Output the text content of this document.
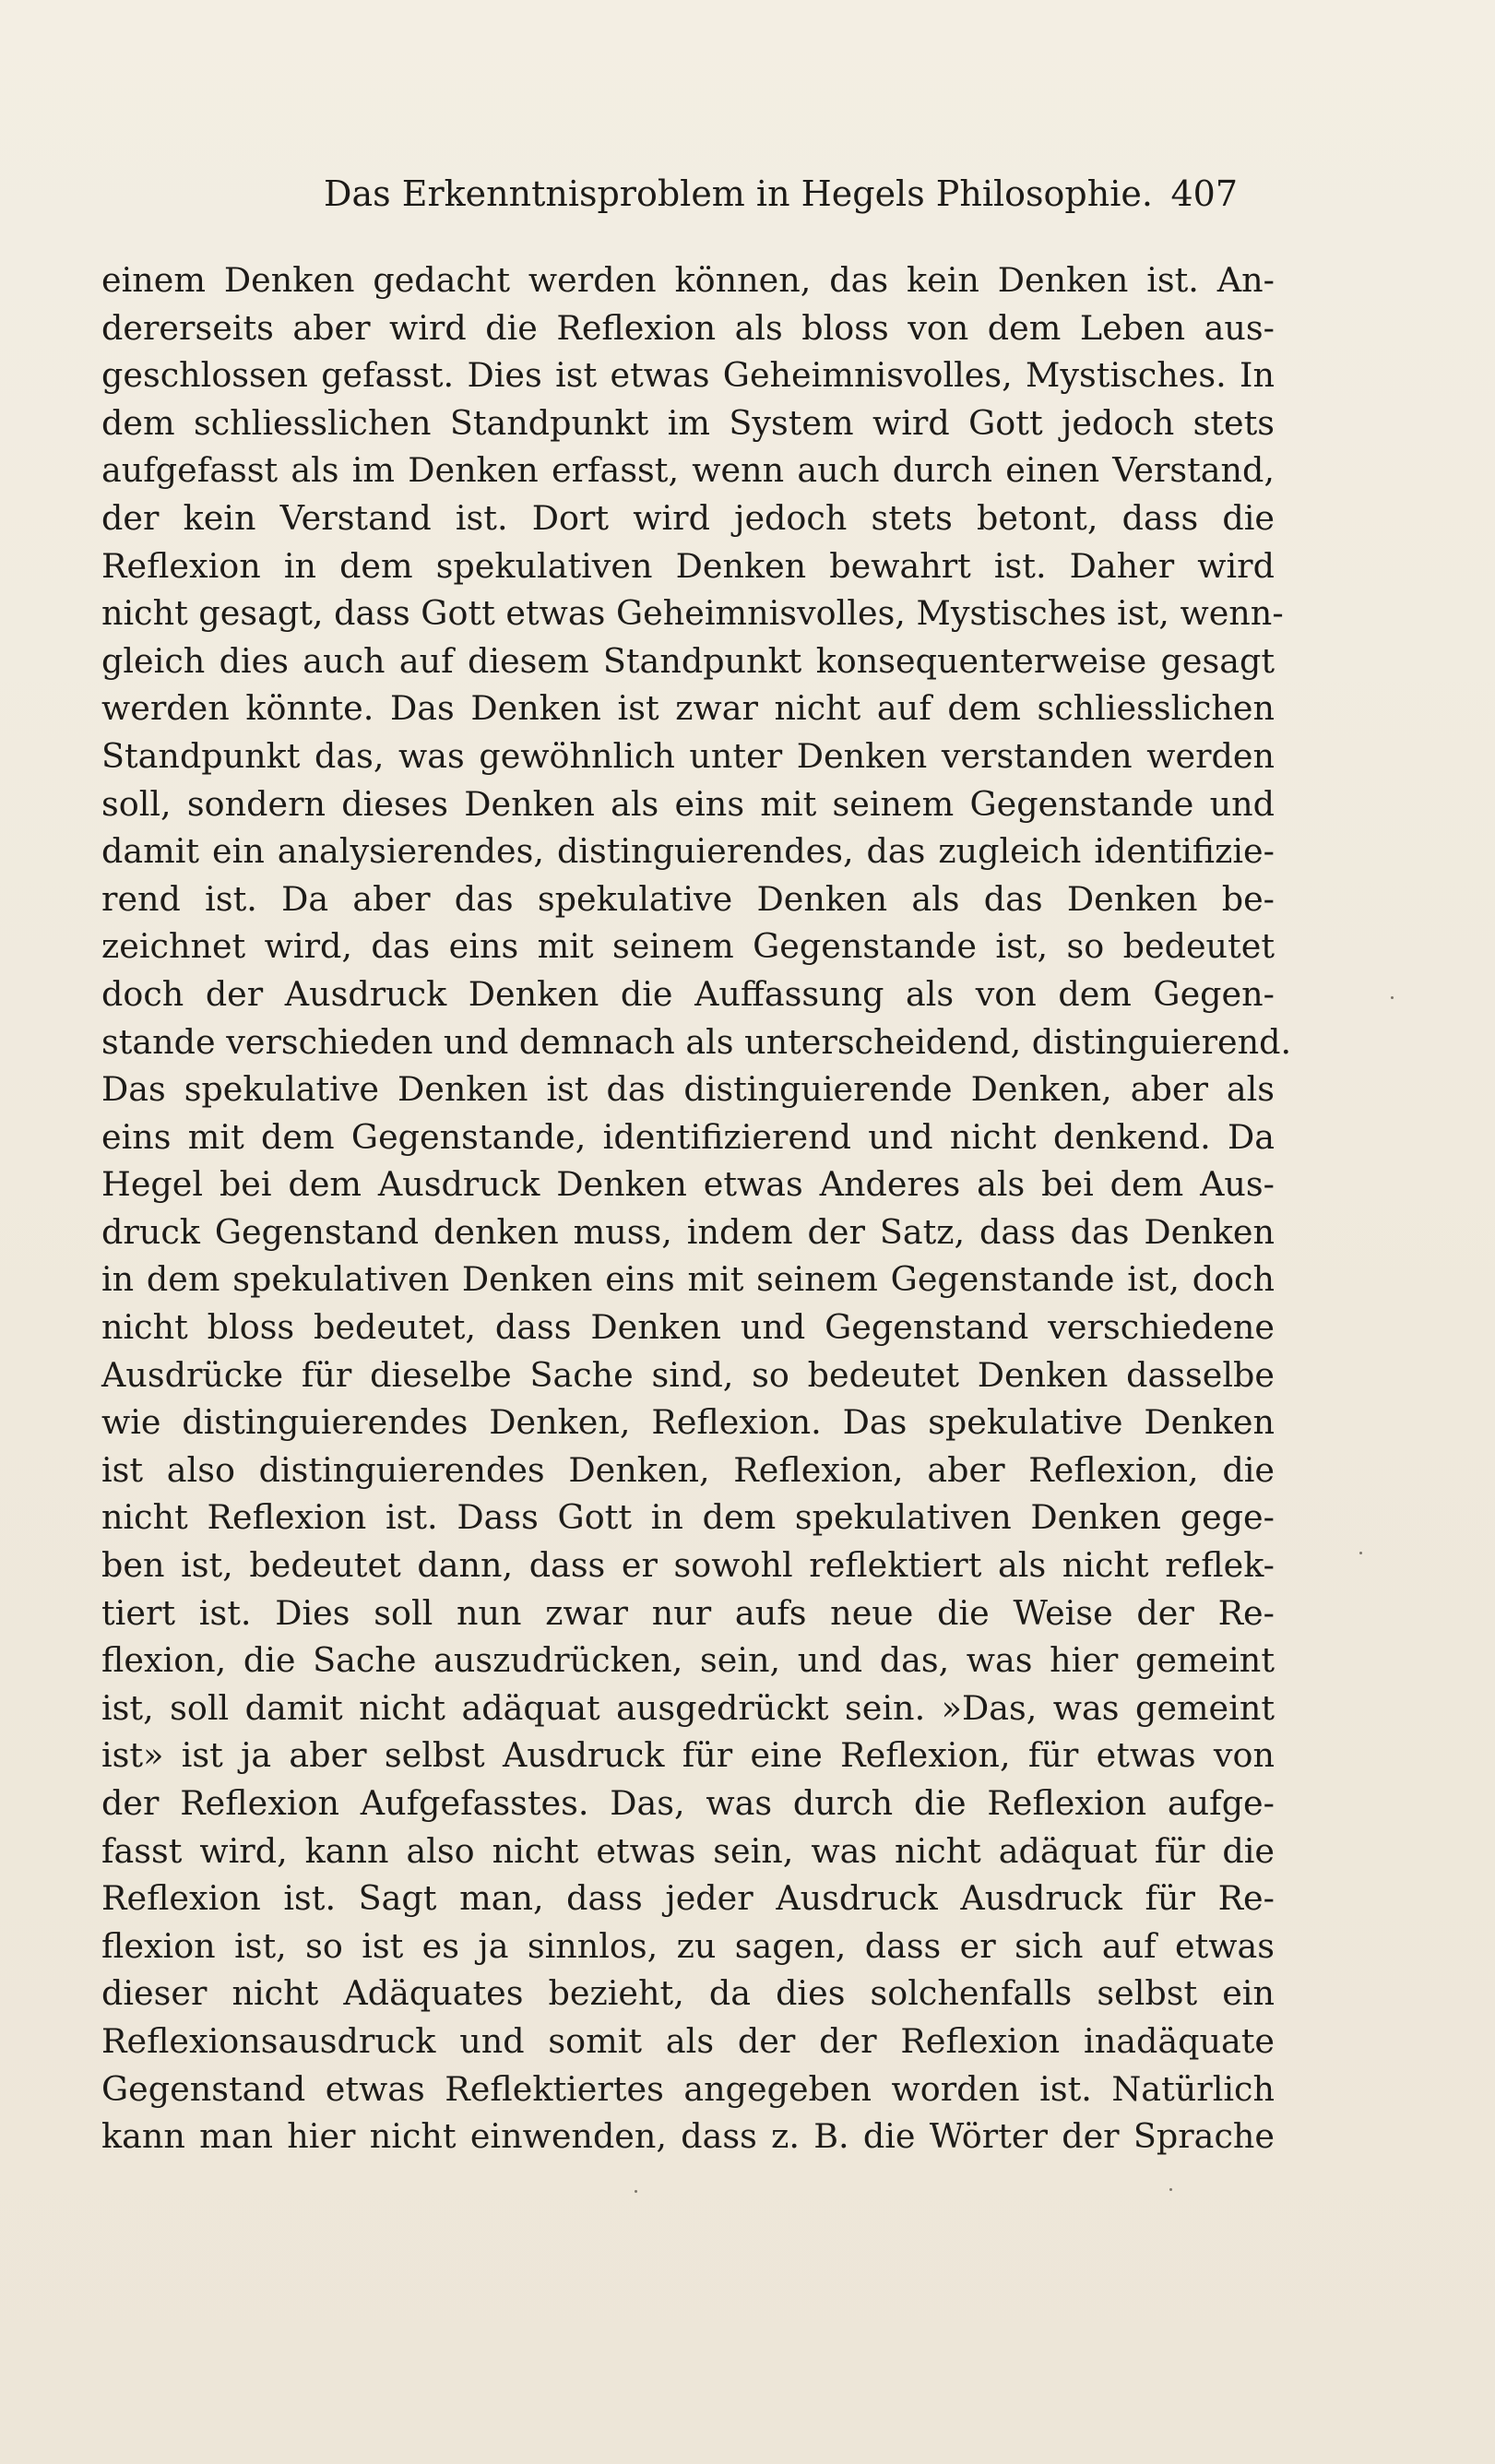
Das Erkenntnisproblem in Hegels Philosophie. 407
einem Denken gedacht werden können, das kein Denken ist. An-
dererseits aber wird die Reflexion als bloss von dem Leben aus-
geschlossen gefasst. Dies ist etwas Geheimnisvolles, Mystisches. In
dem schliesslichen Standpunkt im System wird Gott jedoch stets
aufgefasst als im Denken erfasst, wenn auch durch einen Verstand,
der kein Verstand ist. Dort wird jedoch stets betont, dass die
Reflexion in dem spekulativen Denken bewahrt ist. Daher wird
nicht gesagt, dass Gott etwas Geheimnisvolles, Mystisches ist, wenn-
gleich dies auch auf diesem Standpunkt konsequenterweise gesagt
werden könnte. Das Denken ist zwar nicht auf dem schliesslichen
Standpunkt das, was gewöhnlich unter Denken verstanden werden
soll, sondern dieses Denken als eins mit seinem Gegenstande und
damit ein analysierendes, distinguierendes, das zugleich identifizie-
rend ist. Da aber das spekulative Denken als das Denken be-
zeichnet wird, das eins mit seinem Gegenstande ist, so bedeutet
doch der Ausdruck Denken die Auffassung als von dem Gegen-
stande verschieden und demnach als unterscheidend, distinguierend.
Das spekulative Denken ist das distinguierende Denken, aber als
eins mit dem Gegenstande, identifizierend und nicht denkend. Da
Hegel bei dem Ausdruck Denken etwas Anderes als bei dem Aus-
druck Gegenstand denken muss, indem der Satz, dass das Denken
in dem spekulativen Denken eins mit seinem Gegenstande ist, doch
nicht bloss bedeutet, dass Denken und Gegenstand verschiedene
Ausdrücke für dieselbe Sache sind, so bedeutet Denken dasselbe
wie distinguierendes Denken, Reflexion. Das spekulative Denken
ist also distinguierendes Denken, Reflexion, aber Reflexion, die
nicht Reflexion ist. Dass Gott in dem spekulativen Denken gege-
ben ist, bedeutet dann, dass er sowohl reflektiert als nicht reflek-
tiert ist. Dies soll nun zwar nur aufs neue die Weise der Re-
flexion, die Sache auszudrücken, sein, und das, was hier gemeint
ist, soll damit nicht adäquat ausgedrückt sein. »Das, was gemeint
ist» ist ja aber selbst Ausdruck für eine Reflexion, für etwas von
der Reflexion Aufgefasstes. Das, was durch die Reflexion aufge-
fasst wird, kann also nicht etwas sein, was nicht adäquat für die
Reflexion ist. Sagt man, dass jeder Ausdruck Ausdruck für Re-
flexion ist, so ist es ja sinnlos, zu sagen, dass er sich auf etwas
dieser nicht Adäquates bezieht, da dies solchenfalls selbst ein
Reflexionsausdruck und somit als der der Reflexion inadäquate
Gegenstand etwas Reflektiertes angegeben worden ist. Natürlich
kann man hier nicht einwenden, dass z. B. die Wörter der Sprache
